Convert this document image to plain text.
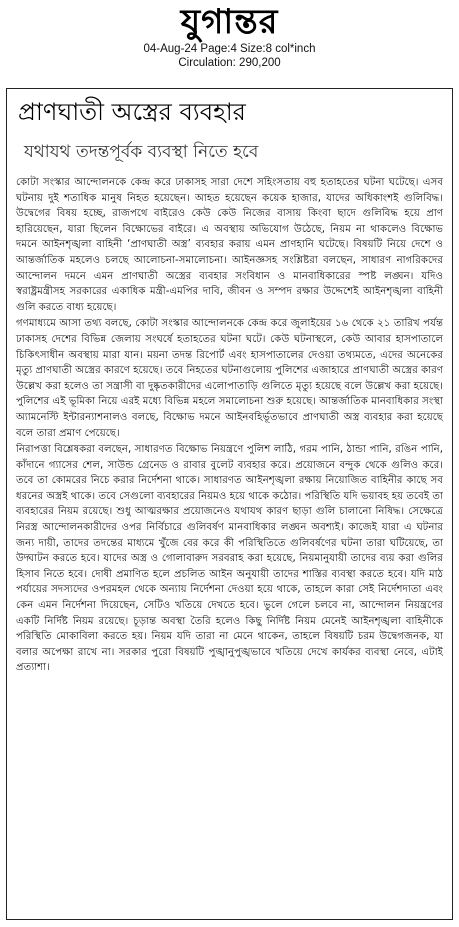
যুগান্তর
04-Aug-24 Page:4 Size:8 col*inch
Circulation: 290,200
প্রাণঘাতী অস্ত্রের ব্যবহার
যথাযথ তদন্তপূর্বক ব্যবস্থা নিতে হবে

কোটা সংস্কার আন্দোলনকে কেন্দ্র করে ঢাকাসহ সারা দেশে সহিংসতায় বহু হতাহতের ঘটনা ঘটেছে। এসব ঘটনায় দুই শতাধিক মানুষ নিহত হয়েছেন। আহত হয়েছেন কয়েক হাজার, যাদের অধিকাংশই গুলিবিদ্ধ। উদ্বেগের বিষয় হচ্ছে, রাজপথে বাইরেও কেউ কেউ নিজের বাসায় কিংবা ছাদে গুলিবিদ্ধ হয়ে প্রাণ হারিয়েছেন, যারা ছিলেন বিক্ষোভের বাইরে। এ অবস্থায় অভিযোগ উঠেছে, নিয়ম না থাকলেও বিক্ষোভ দমনে আইনশৃঙ্খলা বাহিনী ‘প্রাণঘাতী অস্ত্র’ ব্যবহার করায় এমন প্রাণহানি ঘটেছে। বিষয়টি নিয়ে দেশে ও আন্তর্জাতিক মহলেও চলছে আলোচনা-সমালোচনা। আইনজ্ঞসহ সংশ্লিষ্টরা বলছেন, সাধারণ নাগরিকদের আন্দোলন দমনে এমন প্রাণঘাতী অস্ত্রের ব্যবহার সংবিধান ও মানবাধিকারের স্পষ্ট লঙ্ঘন। যদিও স্বরাষ্ট্রমন্ত্রীসহ সরকারের একাধিক মন্ত্রী-এমপির দাবি, জীবন ও সম্পদ রক্ষার উদ্দেশেই আইনশৃঙ্খলা বাহিনী গুলি করতে বাধ্য হয়েছে।

গণমাধ্যমে আসা তথ্য বলছে, কোটা সংস্কার আন্দোলনকে কেন্দ্র করে জুলাইয়ের ১৬ থেকে ২১ তারিখ পর্যন্ত ঢাকাসহ দেশের বিভিন্ন জেলায় সংঘর্ষে হতাহতের ঘটনা ঘটে। কেউ ঘটনাস্থলে, কেউ আবার হাসপাতালে চিকিৎসাধীন অবস্থায় মারা যান। ময়না তদন্ত রিপোর্ট এবং হাসপাতালের দেওয়া তথ্যমতে, এদের অনেকের মৃত্যু প্রাণঘাতী অস্ত্রের কারণে হয়েছে। তবে নিহতের ঘটনাগুলোয় পুলিশের এজাহারে প্রাণঘাতী অস্ত্রের কারণ উল্লেখ করা হলেও তা সন্ত্রাসী বা দুষ্কৃতকারীদের এলোপাতাড়ি গুলিতে মৃত্যু হয়েছে বলে উল্লেখ করা হয়েছে। পুলিশের এই ভূমিকা নিয়ে এরই মধ্যে বিভিন্ন মহলে সমালোচনা শুরু হয়েছে। আন্তর্জাতিক মানবাধিকার সংস্থা অ্যামনেস্টি ইন্টারন্যাশনালও বলছে, বিক্ষোভ দমনে আইনবহির্ভূতভাবে প্রাণঘাতী অস্ত্র ব্যবহার করা হয়েছে বলে তারা প্রমাণ পেয়েছে।

নিরাপত্তা বিশ্লেষকরা বলছেন, সাধারণত বিক্ষোভ নিয়ন্ত্রণে পুলিশ লাঠি, গরম পানি, ঠান্ডা পানি, রঙিন পানি, কাঁদানে গ্যাসের শেল, সাউন্ড গ্রেনেড ও রাবার বুলেট ব্যবহার করে। প্রয়োজনে বন্দুক থেকে গুলিও করে। তবে তা কোমরের নিচে করার নির্দেশনা থাকে। সাধারণত আইনশৃঙ্খলা রক্ষায় নিয়োজিত বাহিনীর কাছে সব ধরনের অস্ত্রই থাকে। তবে সেগুলো ব্যবহারের নিয়মও হয়ে থাকে কঠোর। পরিস্থিতি যদি ভয়াবহ হয় তবেই তা ব্যবহারের নিয়ম রয়েছে। শুধু আত্মরক্ষার প্রয়োজনেও যথাযথ কারণ ছাড়া গুলি চালানো নিষিদ্ধ। সেক্ষেত্রে নিরস্ত্র আন্দোলনকারীদের ওপর নির্বিচারে গুলিবর্ষণ মানবাধিকার লঙ্ঘন অবশ্যই। কাজেই যারা এ ঘটনার জন্য দায়ী, তাদের তদন্তের মাধ্যমে খুঁজে বের করে কী পরিস্থিতিতে গুলিবর্ষণের ঘটনা তারা ঘটিয়েছে, তা উদ্ঘাটন করতে হবে। যাদের অস্ত্র ও গোলাবারুদ সরবরাহ করা হয়েছে, নিয়মানুযায়ী তাদের ব্যয় করা গুলির হিসাব নিতে হবে। দোষী প্রমাণিত হলে প্রচলিত আইন অনুযায়ী তাদের শাস্তির ব্যবস্থা করতে হবে। যদি মাঠ পর্যায়ের সদস্যদের ওপরমহল থেকে অন্যায় নির্দেশনা দেওয়া হয়ে থাকে, তাহলে কারা সেই নির্দেশদাতা এবং কেন এমন নির্দেশনা দিয়েছেন, সেটিও খতিয়ে দেখতে হবে। ভুলে গেলে চলবে না, আন্দোলন নিয়ন্ত্রণের একটি নির্দিষ্ট নিয়ম রয়েছে। চূড়ান্ত অবস্থা তৈরি হলেও কিছু নির্দিষ্ট নিয়ম মেনেই আইনশৃঙ্খলা বাহিনীকে পরিস্থিতি মোকাবিলা করতে হয়। নিয়ম যদি তারা না মেনে থাকেন, তাহলে বিষয়টি চরম উদ্বেগজনক, যা বলার অপেক্ষা রাখে না। সরকার পুরো বিষয়টি পুঙ্খানুপুঙ্খভাবে খতিয়ে দেখে কার্যকর ব্যবস্থা নেবে, এটাই প্রত্যাশা।
